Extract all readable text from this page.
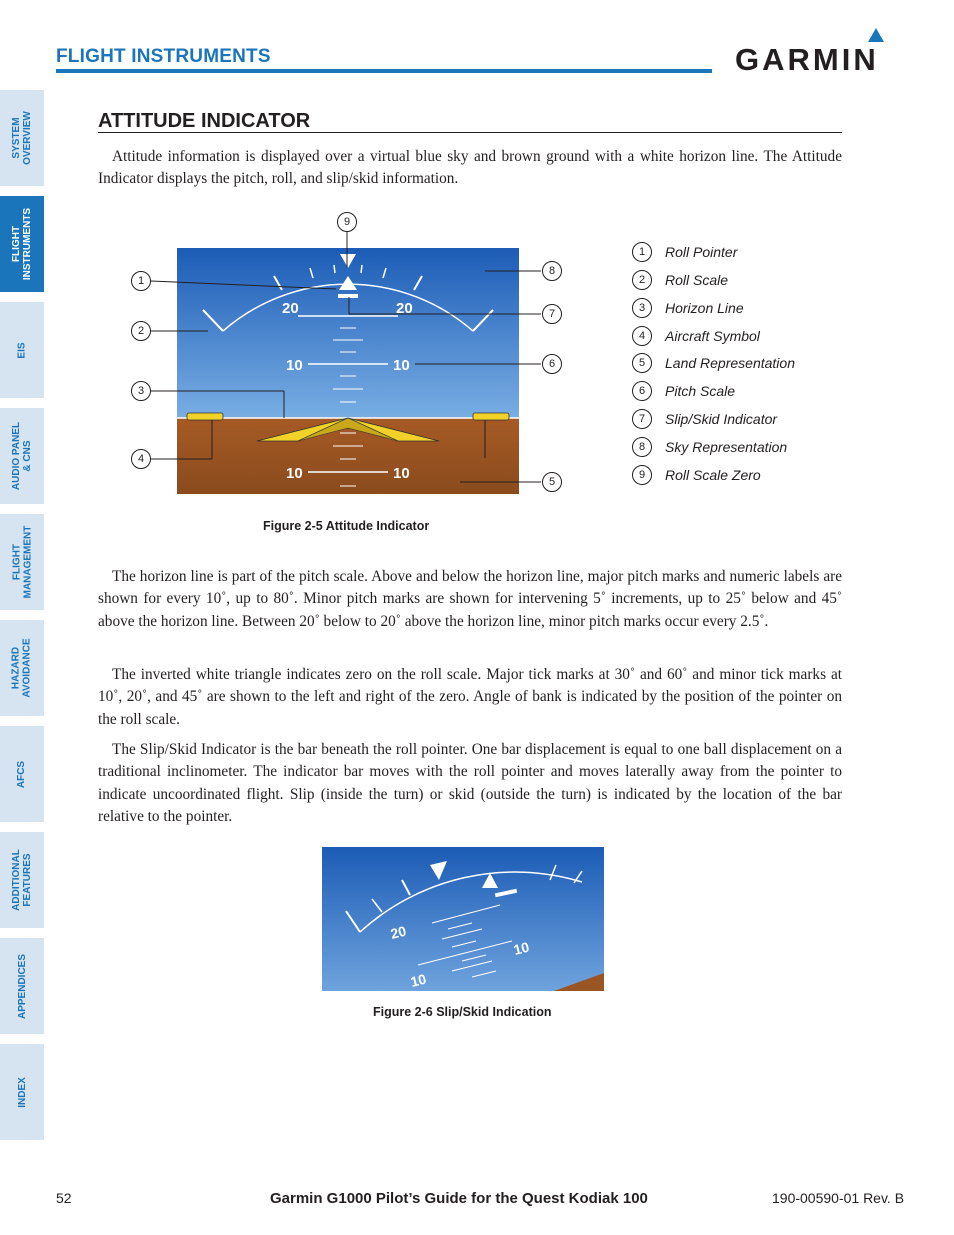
FLIGHT INSTRUMENTS	GARMIN
SYSTEM
OVERVIEW
FLIGHT
INSTRUMENTS
EIS
AUDIO PANEL
& CNS
FLIGHT
MANAGEMENT
HAZARD
AVOIDANCE
AFCS
ADDITIONAL
FEATURES
APPENDICES
INDEX
ATTITUDE INDICATOR
Attitude information is displayed over a virtual blue sky and brown ground with a white horizon line. The Attitude Indicator displays the pitch, roll, and slip/skid information.
20	20
10	10
10	10
9
1
2
3
4
8
7
6
5
1	Roll Pointer
2	Roll Scale
3	Horizon Line
4	Aircraft Symbol
5	Land Representation
6	Pitch Scale
7	Slip/Skid Indicator
8	Sky Representation
9	Roll Scale Zero
Figure 2-5 Attitude Indicator
The horizon line is part of the pitch scale. Above and below the horizon line, major pitch marks and numeric labels are shown for every 10˚, up to 80˚. Minor pitch marks are shown for intervening 5˚ increments, up to 25˚ below and 45˚ above the horizon line. Between 20˚ below to 20˚ above the horizon line, minor pitch marks occur every 2.5˚.
The inverted white triangle indicates zero on the roll scale. Major tick marks at 30˚ and 60˚ and minor tick marks at 10˚, 20˚, and 45˚ are shown to the left and right of the zero. Angle of bank is indicated by the position of the pointer on the roll scale.
The Slip/Skid Indicator is the bar beneath the roll pointer. One bar displacement is equal to one ball displacement on a traditional inclinometer. The indicator bar moves with the roll pointer and moves laterally away from the pointer to indicate uncoordinated flight. Slip (inside the turn) or skid (outside the turn) is indicated by the location of the bar relative to the pointer.
20
10
10
Figure 2-6 Slip/Skid Indication
52	Garmin G1000 Pilot’s Guide for the Quest Kodiak 100	190-00590-01 Rev. B
